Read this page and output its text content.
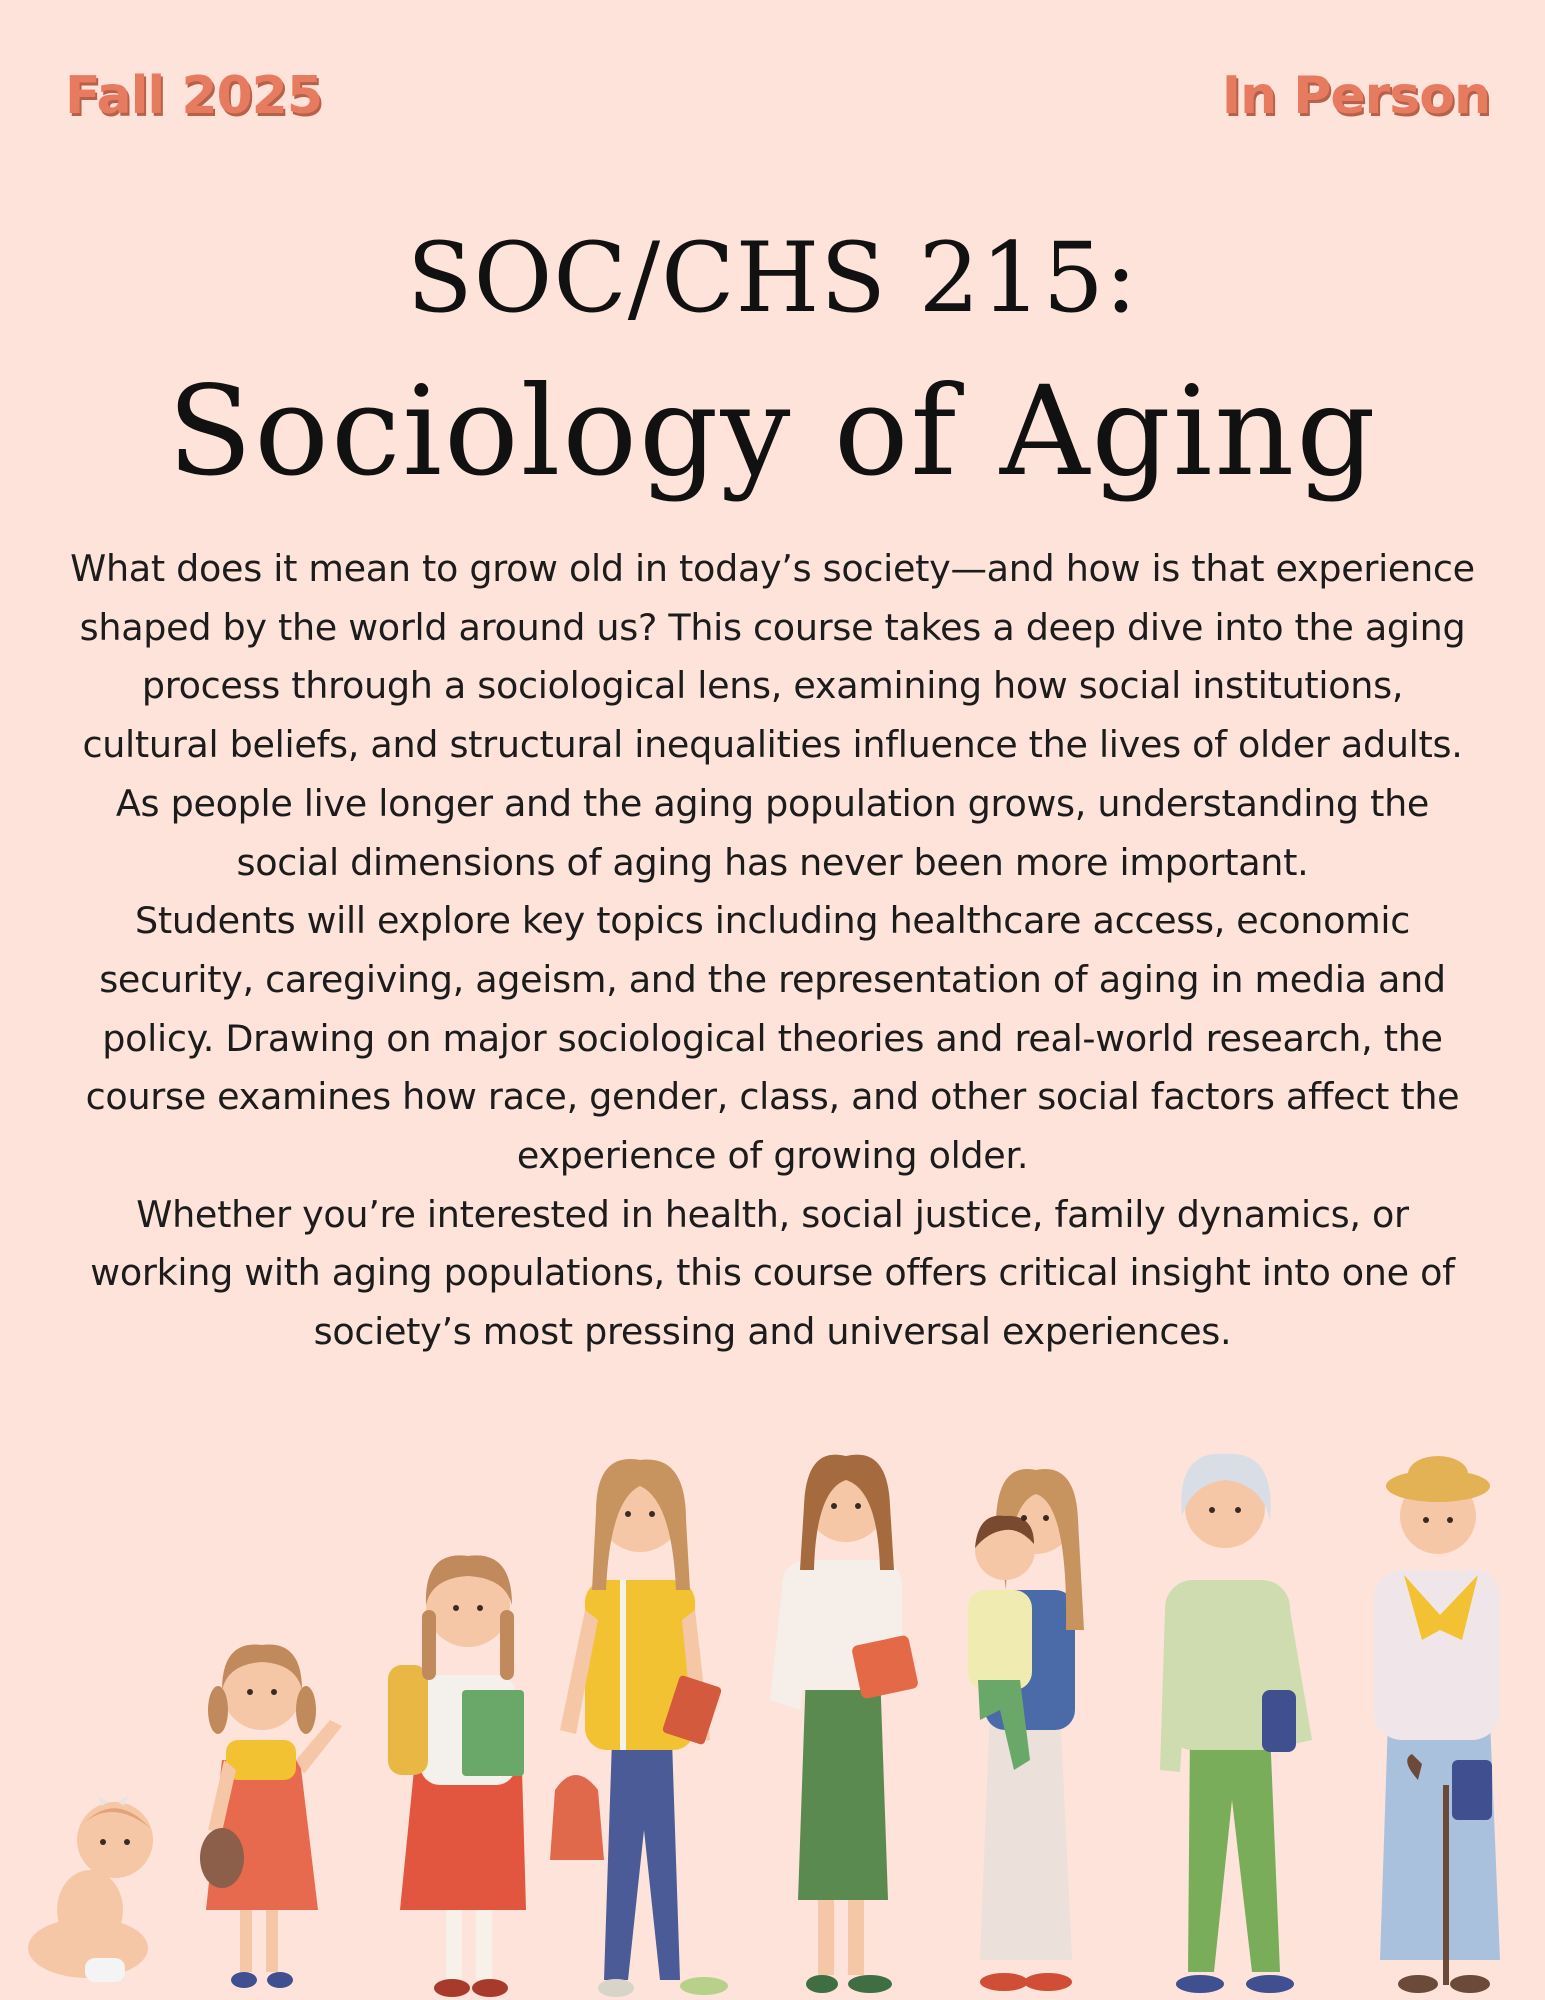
Fall 2025	In Person
SOC/CHS 215:
Sociology of Aging

What does it mean to grow old in today’s society—and how is that experience shaped by the world around us? This course takes a deep dive into the aging process through a sociological lens, examining how social institutions, cultural beliefs, and structural inequalities influence the lives of older adults. As people live longer and the aging population grows, understanding the social dimensions of aging has never been more important.

Students will explore key topics including healthcare access, economic security, caregiving, ageism, and the representation of aging in media and policy. Drawing on major sociological theories and real-world research, the course examines how race, gender, class, and other social factors affect the experience of growing older.

Whether you’re interested in health, social justice, family dynamics, or working with aging populations, this course offers critical insight into one of society’s most pressing and universal experiences.
